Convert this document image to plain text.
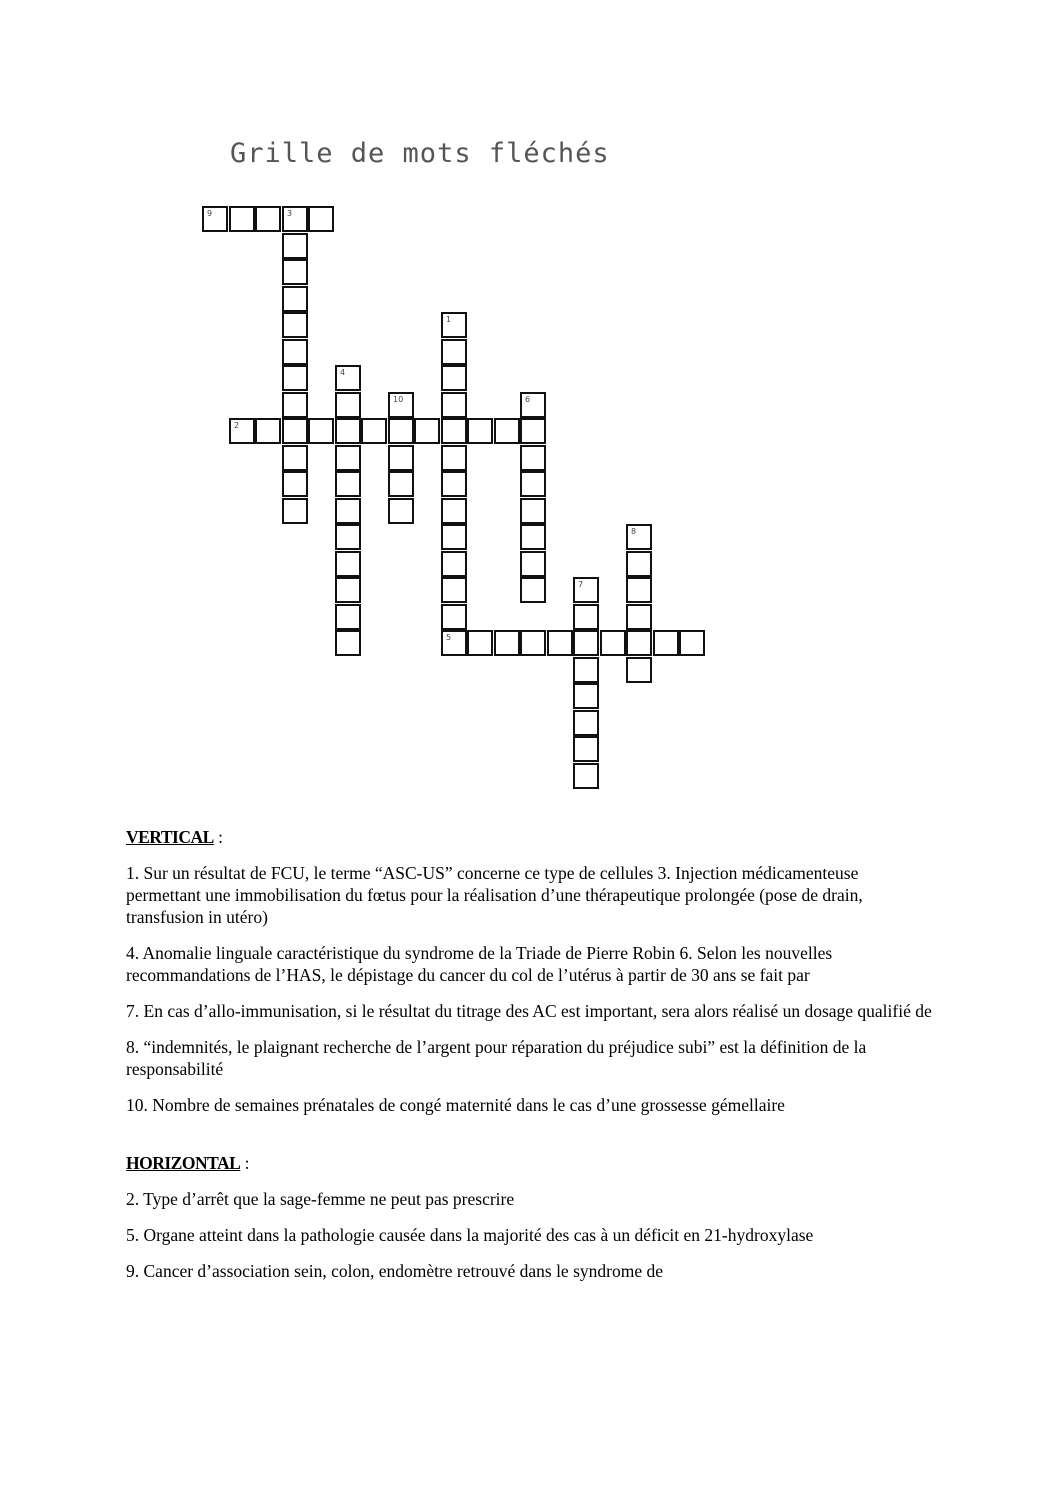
Grille de mots fléchés
9	3
1
5
4
10	6
2
8
7
VERTICAL :
1. Sur un résultat de FCU, le terme “ASC-US” concerne ce type de cellules 3. Injection médicamenteuse permettant une immobilisation du fœtus pour la réalisation d’une thérapeutique prolongée (pose de drain, transfusion in utéro)
4. Anomalie linguale caractéristique du syndrome de la Triade de Pierre Robin 6. Selon les nouvelles recommandations de l’HAS, le dépistage du cancer du col de l’utérus à partir de 30 ans se fait par
7. En cas d’allo-immunisation, si le résultat du titrage des AC est important, sera alors réalisé un dosage qualifié de
8. “indemnités, le plaignant recherche de l’argent pour réparation du préjudice subi” est la définition de la responsabilité
10. Nombre de semaines prénatales de congé maternité dans le cas d’une grossesse gémellaire
HORIZONTAL :
2. Type d’arrêt que la sage-femme ne peut pas prescrire
5. Organe atteint dans la pathologie causée dans la majorité des cas à un déficit en 21-hydroxylase
9. Cancer d’association sein, colon, endomètre retrouvé dans le syndrome de
